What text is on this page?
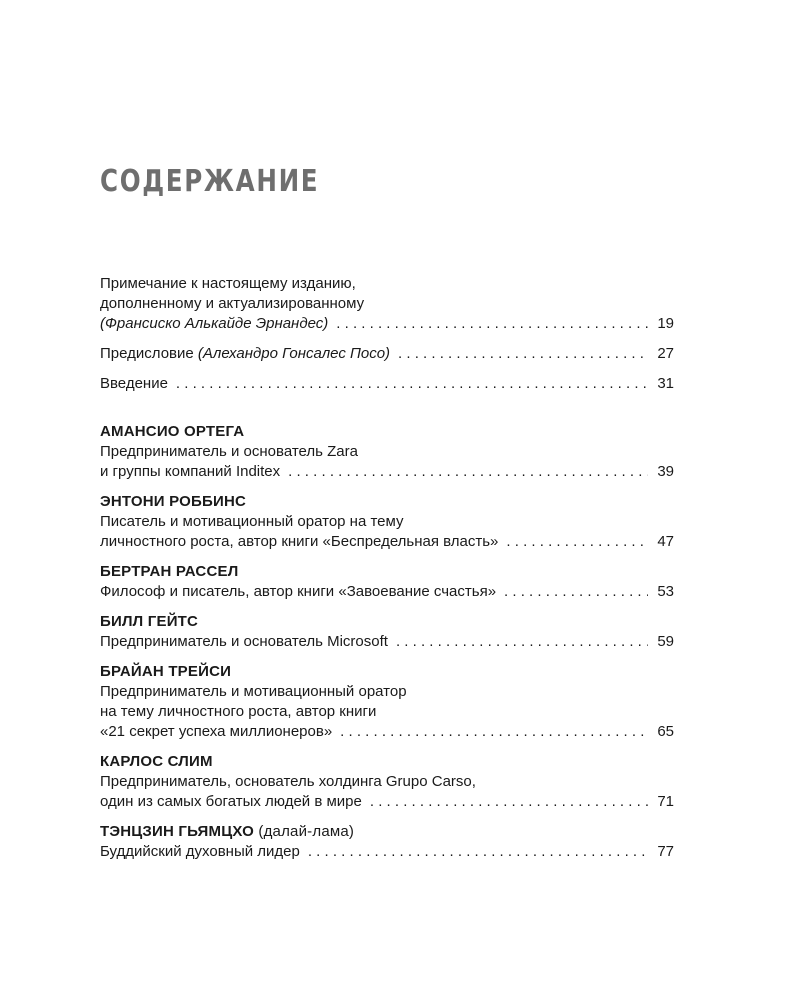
СОДЕРЖАНИЕ
Примечание к настоящему изданию,
дополненному и актуализированному
(Франсиско Алькайде Эрнандес) . . .	19
Предисловие (Алехандро Гонсалес Посо) . . .	27
Введение . . .	31
АМАНСИО ОРТЕГА
Предприниматель и основатель Zara
и группы компаний Inditex . . .	39
ЭНТОНИ РОББИНС
Писатель и мотивационный оратор на тему
личностного роста, автор книги «Беспредельная власть» . . .	47
БЕРТРАН РАССЕЛ
Философ и писатель, автор книги «Завоевание счастья» . . .	53
БИЛЛ ГЕЙТС
Предприниматель и основатель Microsoft . . .	59
БРАЙАН ТРЕЙСИ
Предприниматель и мотивационный оратор
на тему личностного роста, автор книги
«21 секрет успеха миллионеров» . . .	65
КАРЛОС СЛИМ
Предприниматель, основатель холдинга Grupo Carso,
один из самых богатых людей в мире . . .	71
ТЭНЦЗИН ГЬЯМЦХО (далай-лама)
Буддийский духовный лидер . . .	77
